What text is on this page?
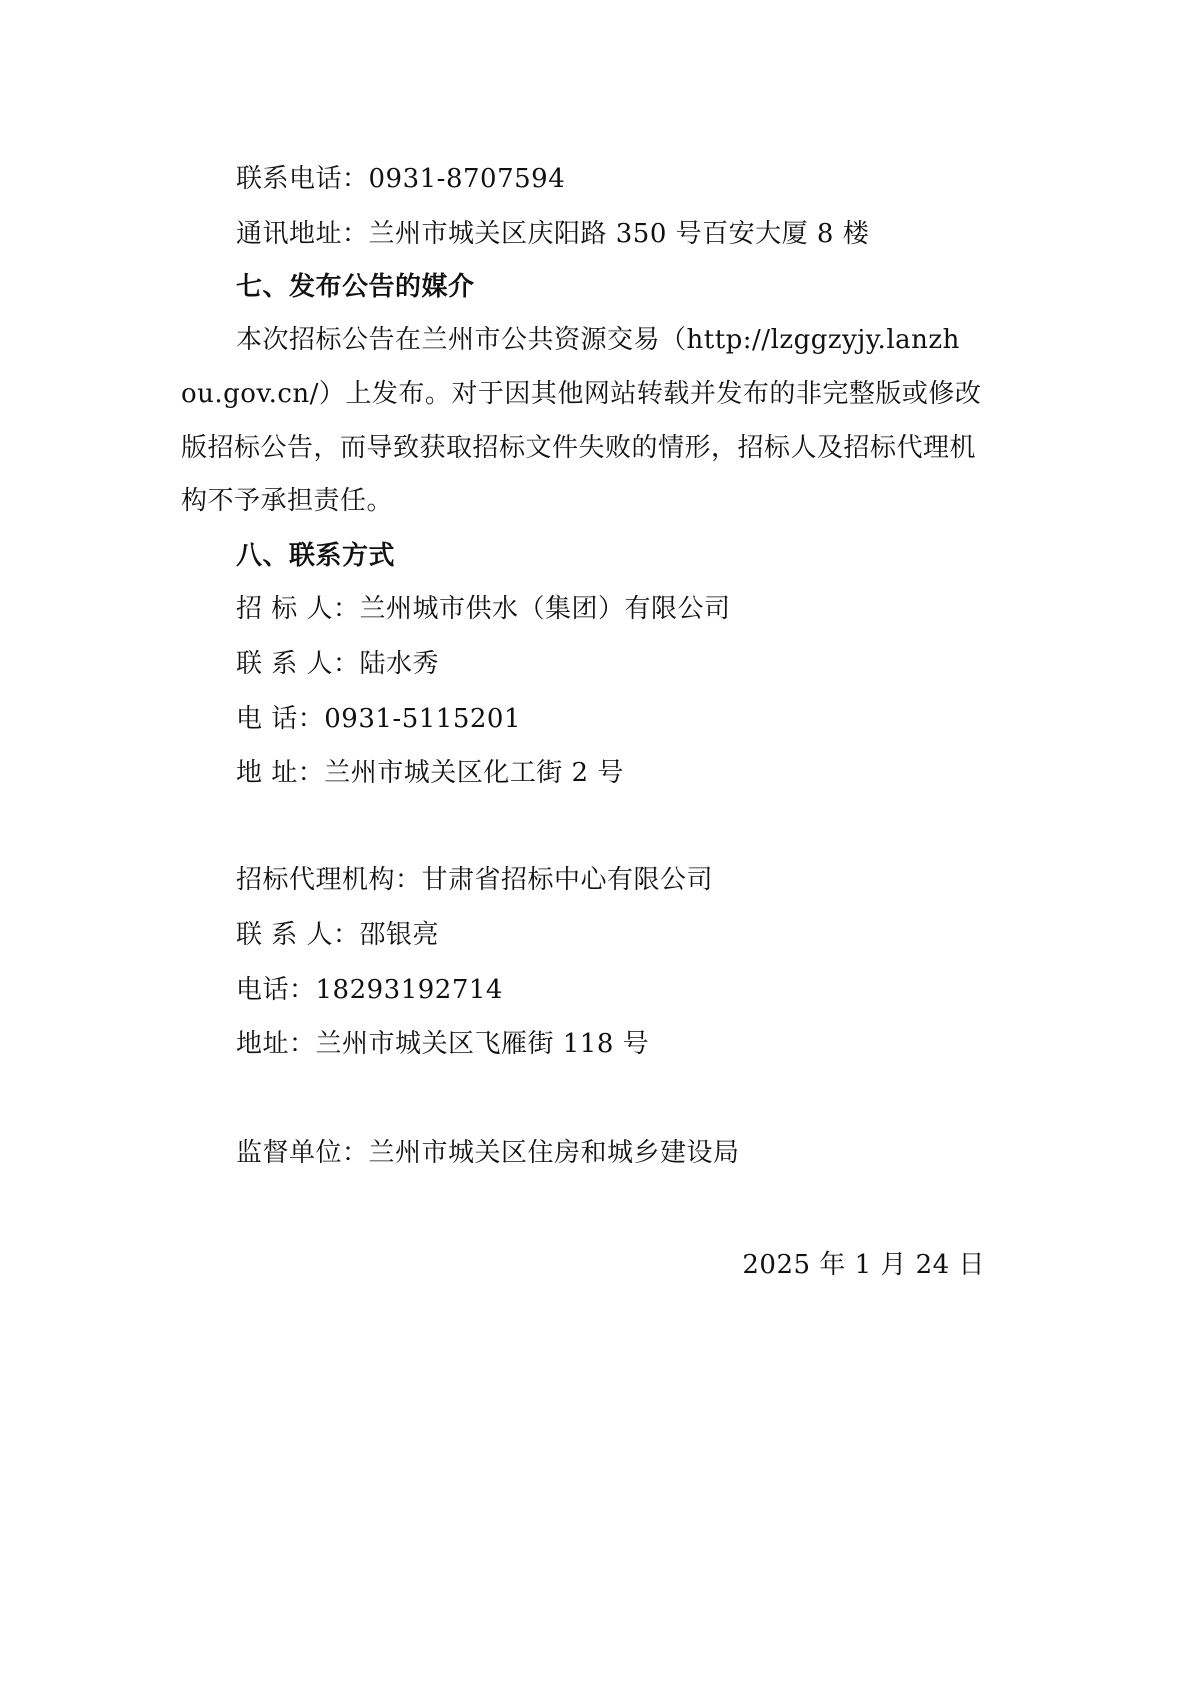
联系电话：0931-8707594
通讯地址：兰州市城关区庆阳路 350 号百安大厦 8 楼
七、发布公告的媒介
本次招标公告在兰州市公共资源交易（http://lzggzyjy.lanzh
ou.gov.cn/）上发布。对于因其他网站转载并发布的非完整版或修改
版招标公告，而导致获取招标文件失败的情形，招标人及招标代理机
构不予承担责任。
八、联系方式
招 标 人：兰州城市供水（集团）有限公司
联 系 人：陆水秀
电 话：0931-5115201
地 址：兰州市城关区化工街 2 号
招标代理机构：甘肃省招标中心有限公司
联 系 人：邵银亮
电话：18293192714
地址：兰州市城关区飞雁街 118 号
监督单位：兰州市城关区住房和城乡建设局
2025 年 1 月 24 日
